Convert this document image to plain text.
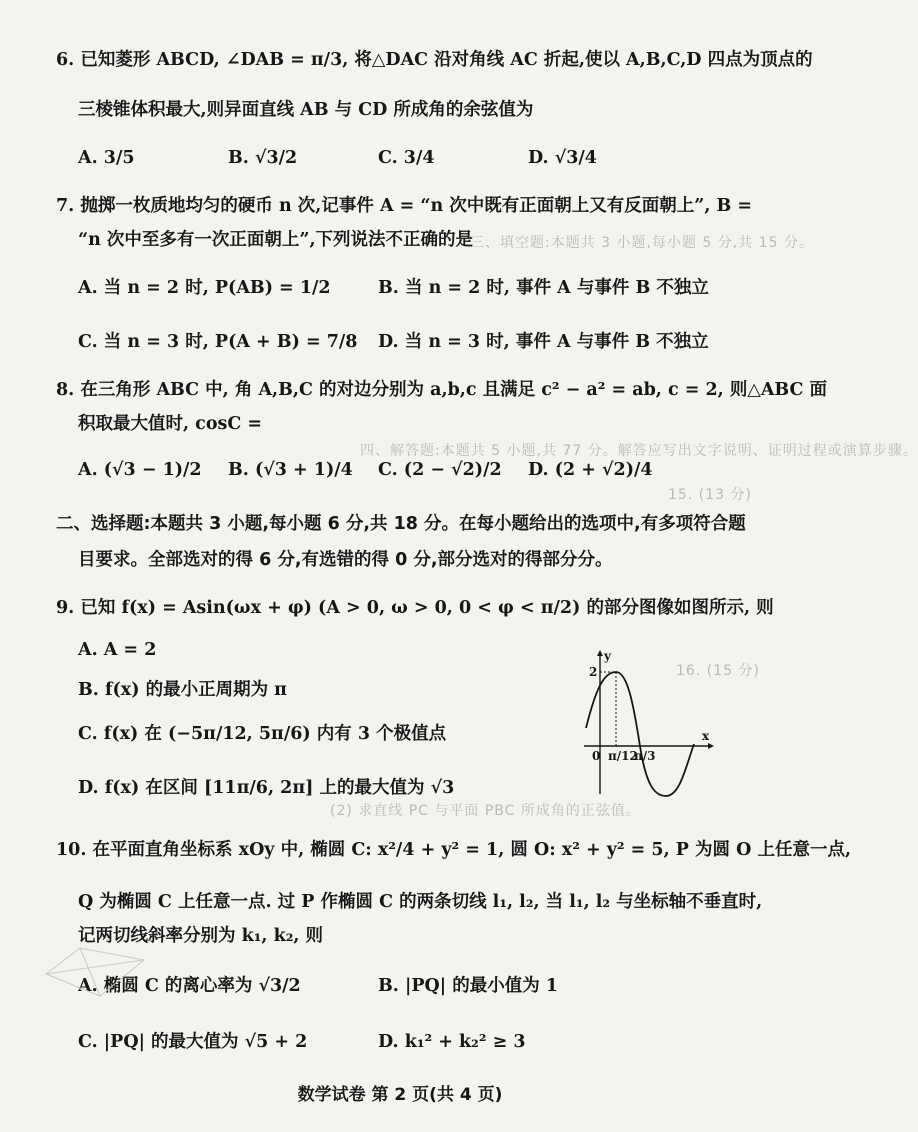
三、填空题:本题共 3 小题,每小题 5 分,共 15 分。
四、解答题:本题共 5 小题,共 77 分。解答应写出文字说明、证明过程或演算步骤。
15. (13 分)
16. (15 分)
(2) 求直线 PC 与平面 PBC 所成角的正弦值。
6. 已知菱形 ABCD, ∠DAB = π/3, 将△DAC 沿对角线 AC 折起,使以 A,B,C,D 四点为顶点的
三棱锥体积最大,则异面直线 AB 与 CD 所成角的余弦值为
A. 3/5	B. √3/2	C. 3/4	D. √3/4
7. 抛掷一枚质地均匀的硬币 n 次,记事件 A = “n 次中既有正面朝上又有反面朝上”, B =
“n 次中至多有一次正面朝上”,下列说法不正确的是
A. 当 n = 2 时, P(AB) = 1/2	B. 当 n = 2 时, 事件 A 与事件 B 不独立
C. 当 n = 3 时, P(A + B) = 7/8 D. 当 n = 3 时, 事件 A 与事件 B 不独立
8. 在三角形 ABC 中, 角 A,B,C 的对边分别为 a,b,c 且满足 c² − a² = ab, c = 2, 则△ABC 面
积取最大值时, cosC =
A. (√3 − 1)/2 B. (√3 + 1)/4 C. (2 − √2)/2 D. (2 + √2)/4
二、选择题:本题共 3 小题,每小题 6 分,共 18 分。在每小题给出的选项中,有多项符合题
目要求。全部选对的得 6 分,有选错的得 0 分,部分选对的得部分分。
9. 已知 f(x) = Asin(ωx + φ) (A > 0, ω > 0, 0 < φ < π/2) 的部分图像如图所示, 则
A. A = 2
B. f(x) 的最小正周期为 π
C. f(x) 在 (−5π/12, 5π/6) 内有 3 个极值点
D. f(x) 在区间 [11π/6, 2π] 上的最大值为 √3
y
x
2
0 π/12
π/3
10. 在平面直角坐标系 xOy 中, 椭圆 C: x²/4 + y² = 1, 圆 O: x² + y² = 5, P 为圆 O 上任意一点,
Q 为椭圆 C 上任意一点. 过 P 作椭圆 C 的两条切线 l₁, l₂, 当 l₁, l₂ 与坐标轴不垂直时,
记两切线斜率分别为 k₁, k₂, 则
A. 椭圆 C 的离心率为 √3/2	B. |PQ| 的最小值为 1
C. |PQ| 的最大值为 √5 + 2	D. k₁² + k₂² ≥ 3
数学试卷 第 2 页(共 4 页)
